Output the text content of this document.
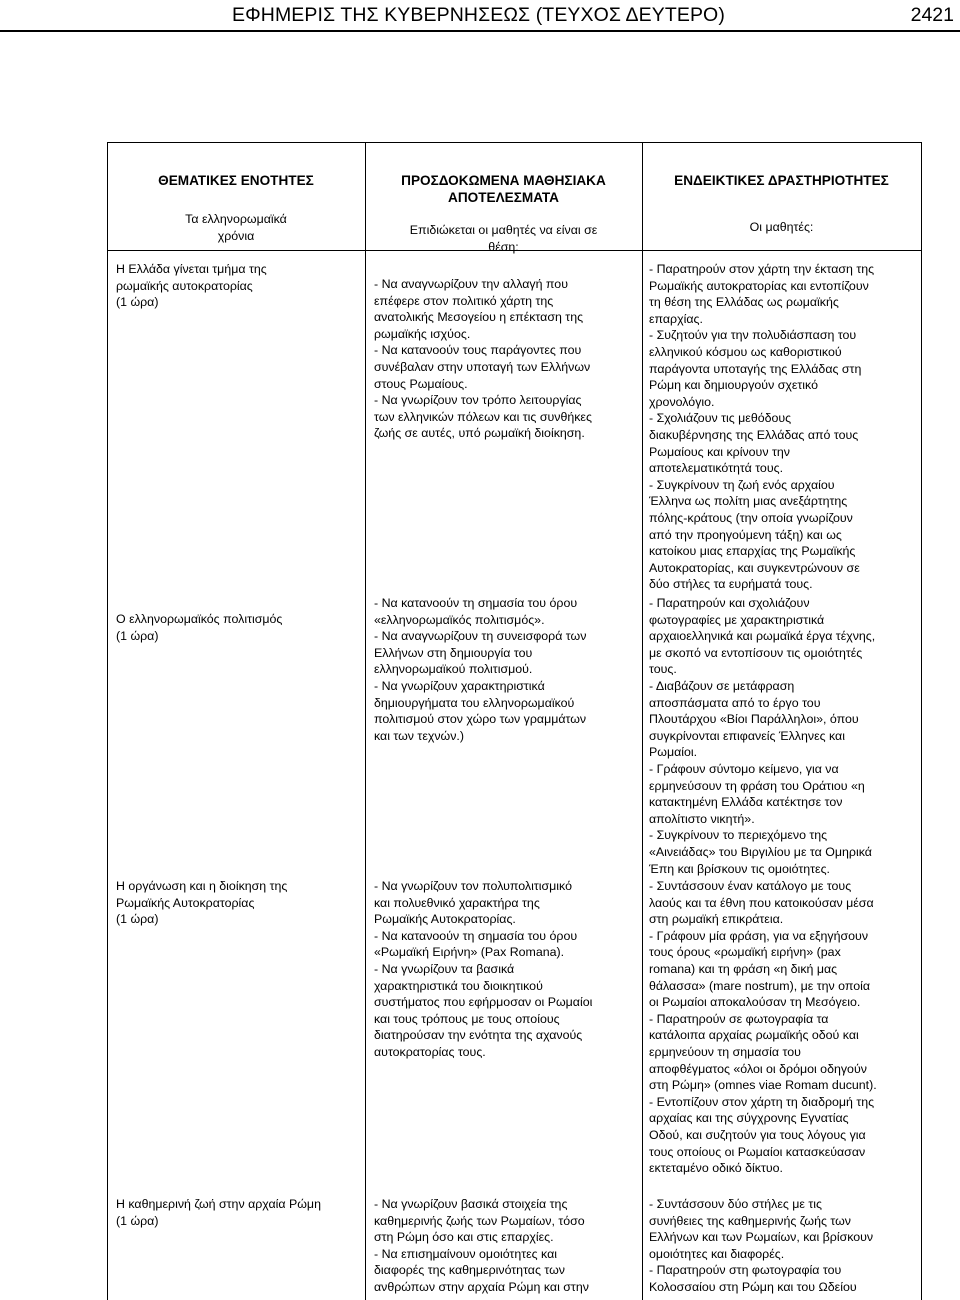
ΕΦΗΜΕΡΙΣ ΤΗΣ ΚΥΒΕΡΝΗΣΕΩΣ (ΤΕΥΧΟΣ ΔΕΥΤΕΡΟ)	2421

ΘΕΜΑΤΙΚΕΣ ΕΝΟΤΗΤΕΣ

Τα ελληνορωμαϊκά
χρόνια

ΠΡΟΣΔΟΚΩΜΕΝΑ ΜΑΘΗΣΙΑΚΑ
ΑΠΟΤΕΛΕΣΜΑΤΑ

Επιδιώκεται οι μαθητές να είναι σε
θέση:

ΕΝΔΕΙΚΤΙΚΕΣ ΔΡΑΣΤΗΡΙΟΤΗΤΕΣ

Οι μαθητές:

Η Ελλάδα γίνεται τμήμα της
ρωμαϊκής αυτοκρατορίας
(1 ώρα)
- Να αναγνωρίζουν την αλλαγή που
επέφερε στον πολιτικό χάρτη της
ανατολικής Μεσογείου η επέκταση της
ρωμαϊκής ισχύος.
- Να κατανοούν τους παράγοντες που
συνέβαλαν στην υποταγή των Ελλήνων
στους Ρωμαίους.
- Να γνωρίζουν τον τρόπο λειτουργίας
των ελληνικών πόλεων και τις συνθήκες
ζωής σε αυτές, υπό ρωμαϊκή διοίκηση.
- Παρατηρούν στον χάρτη την έκταση της
Ρωμαϊκής αυτοκρατορίας και εντοπίζουν
τη θέση της Ελλάδας ως ρωμαϊκής
επαρχίας.
- Συζητούν για την πολυδιάσπαση του
ελληνικού κόσμου ως καθοριστικού
παράγοντα υποταγής της Ελλάδας στη
Ρώμη και δημιουργούν σχετικό
χρονολόγιο.
- Σχολιάζουν τις μεθόδους
διακυβέρνησης της Ελλάδας από τους
Ρωμαίους και κρίνουν την
αποτελεματικότητά τους.
- Συγκρίνουν τη ζωή ενός αρχαίου
Έλληνα ως πολίτη μιας ανεξάρτητης
πόλης-κράτους (την οποία γνωρίζουν
από την προηγούμενη τάξη) και ως
κατοίκου μιας επαρχίας της Ρωμαϊκής
Αυτοκρατορίας, και συγκεντρώνουν σε
δύο στήλες τα ευρήματά τους.
Ο ελληνορωμαϊκός πολιτισμός
(1 ώρα)
- Να κατανοούν τη σημασία του όρου
«ελληνορωμαϊκός πολιτισμός».
- Να αναγνωρίζουν τη συνεισφορά των
Ελλήνων στη δημιουργία του
ελληνορωμαϊκού πολιτισμού.
- Να γνωρίζουν χαρακτηριστικά
δημιουργήματα του ελληνορωμαϊκού
πολιτισμού στον χώρο των γραμμάτων
και των τεχνών.)
- Παρατηρούν και σχολιάζουν
φωτογραφίες με χαρακτηριστικά
αρχαιοελληνικά και ρωμαϊκά έργα τέχνης,
με σκοπό να εντοπίσουν τις ομοιότητές
τους.
- Διαβάζουν σε μετάφραση
αποσπάσματα από το έργο του
Πλουτάρχου «Βίοι Παράλληλοι», όπου
συγκρίνονται επιφανείς Έλληνες και
Ρωμαίοι.
- Γράφουν σύντομο κείμενο, για να
ερμηνεύσουν τη φράση του Οράτιου «η
κατακτημένη Ελλάδα κατέκτησε τον
απολίτιστο νικητή».
- Συγκρίνουν το περιεχόμενο της
«Αινειάδας» του Βιργιλίου με τα Ομηρικά
Έπη και βρίσκουν τις ομοιότητες.
Η οργάνωση και η διοίκηση της
Ρωμαϊκής Αυτοκρατορίας
(1 ώρα)
- Να γνωρίζουν τον πολυπολιτισμικό
και πολυεθνικό χαρακτήρα της
Ρωμαϊκής Αυτοκρατορίας.
- Να κατανοούν τη σημασία του όρου
«Ρωμαϊκή Ειρήνη» (Pax Romana).
- Να γνωρίζουν τα βασικά
χαρακτηριστικά του διοικητικού
συστήματος που εφήρμοσαν οι Ρωμαίοι
και τους τρόπους με τους οποίους
διατηρούσαν την ενότητα της αχανούς
αυτοκρατορίας τους.
- Συντάσσουν έναν κατάλογο με τους
λαούς και τα έθνη που κατοικούσαν μέσα
στη ρωμαϊκή επικράτεια.
- Γράφουν μία φράση, για να εξηγήσουν
τους όρους «ρωμαϊκή ειρήνη» (pax
romana) και τη φράση «η δική μας
θάλασσα» (mare nostrum), με την οποία
οι Ρωμαίοι αποκαλούσαν τη Μεσόγειο.
- Παρατηρούν σε φωτογραφία τα
κατάλοιπα αρχαίας ρωμαϊκής οδού και
ερμηνεύουν τη σημασία του
αποφθέγματος «όλοι οι δρόμοι οδηγούν
στη Ρώμη» (omnes viae Romam ducunt).
- Εντοπίζουν στον χάρτη τη διαδρομή της
αρχαίας και της σύγχρονης Εγνατίας
Οδού, και συζητούν για τους λόγους για
τους οποίους οι Ρωμαίοι κατασκεύασαν
εκτεταμένο οδικό δίκτυο.
Η καθημερινή ζωή στην αρχαία Ρώμη
(1 ώρα)
- Να γνωρίζουν βασικά στοιχεία της
καθημερινής ζωής των Ρωμαίων, τόσο
στη Ρώμη όσο και στις επαρχίες.
- Να επισημαίνουν ομοιότητες και
διαφορές της καθημερινότητας των
ανθρώπων στην αρχαία Ρώμη και στην
- Συντάσσουν δύο στήλες με τις
συνήθειες της καθημερινής ζωής των
Ελλήνων και των Ρωμαίων, και βρίσκουν
ομοιότητες και διαφορές.
- Παρατηρούν στη φωτογραφία του
Κολοσσαίου στη Ρώμη και του Ωδείου
